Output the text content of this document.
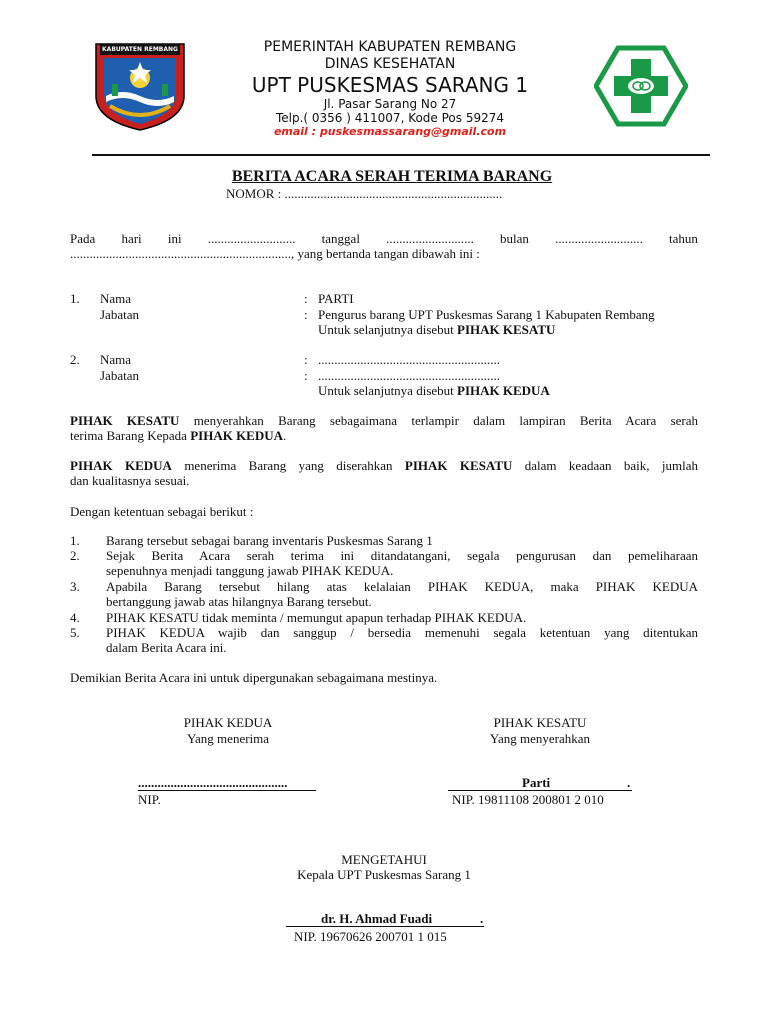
KABUPATEN REMBANG	PEMERINTAH KABUPATEN REMBANG
DINAS KESEHATAN
UPT PUSKESMAS SARANG 1
Jl. Pasar Sarang No 27
Telp.( 0356 ) 411007, Kode Pos 59274
email : puskesmassarang@gmail.com
BERITA ACARA SERAH TERIMA BARANG
NOMOR : ...................................................................
Pada hari ini ........................... tanggal ........................... bulan ........................... tahun
...................................................................., yang bertanda tangan dibawah ini :
1. Nama	: PARTI
Jabatan	: Pengurus barang UPT Puskesmas Sarang 1 Kabupaten Rembang
Untuk selanjutnya disebut PIHAK KESATU
2. Nama	: ........................................................
Jabatan	: ........................................................
Untuk selanjutnya disebut PIHAK KEDUA
PIHAK KESATU menyerahkan Barang sebagaimana terlampir dalam lampiran Berita Acara serah
terima Barang Kepada PIHAK KEDUA.
PIHAK KEDUA menerima Barang yang diserahkan PIHAK KESATU dalam keadaan baik, jumlah
dan kualitasnya sesuai.
Dengan ketentuan sebagai berikut :
1. Barang tersebut sebagai barang inventaris Puskesmas Sarang 1
2. Sejak Berita Acara serah terima ini ditandatangani, segala pengurusan dan pemeliharaan
sepenuhnya menjadi tanggung jawab PIHAK KEDUA.
3. Apabila Barang tersebut hilang atas kelalaian PIHAK KEDUA, maka PIHAK KEDUA
bertanggung jawab atas hilangnya Barang tersebut.
4. PIHAK KESATU tidak meminta / memungut apapun terhadap PIHAK KEDUA.
5. PIHAK KEDUA wajib dan sanggup / bersedia memenuhi segala ketentuan yang ditentukan
dalam Berita Acara ini.
Demikian Berita Acara ini untuk dipergunakan sebagaimana mestinya.
PIHAK KEDUA
Yang menerima
..............................................
NIP.
PIHAK KESATU
Yang menyerahkan
Parti	.
NIP. 19811108 200801 2 010
MENGETAHUI
Kepala UPT Puskesmas Sarang 1
dr. H. Ahmad Fuadi	.
NIP. 19670626 200701 1 015
